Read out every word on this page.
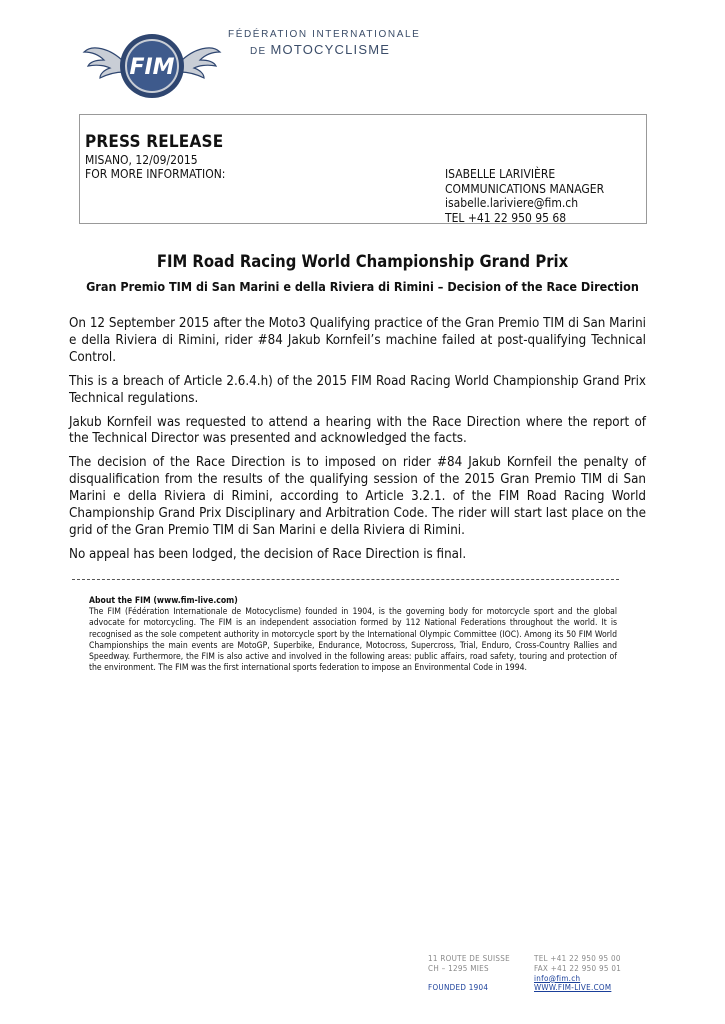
FIM
FÉDÉRATION INTERNATIONALE
DE MOTOCYCLISME
PRESS RELEASE
MISANO, 12/09/2015
FOR MORE INFORMATION:	ISABELLE LARIVIÈRE
COMMUNICATIONS MANAGER
isabelle.lariviere@fim.ch
TEL +41 22 950 95 68
FIM Road Racing World Championship Grand Prix
Gran Premio TIM di San Marini e della Riviera di Rimini – Decision of the Race Direction

On 12 September 2015 after the Moto3 Qualifying practice of the Gran Premio TIM di San Marini e della Riviera di Rimini, rider #84 Jakub Kornfeil’s machine failed at post-qualifying Technical Control.

This is a breach of Article 2.6.4.h) of the 2015 FIM Road Racing World Championship Grand Prix Technical regulations.

Jakub Kornfeil was requested to attend a hearing with the Race Direction where the report of the Technical Director was presented and acknowledged the facts.

The decision of the Race Direction is to imposed on rider #84 Jakub Kornfeil the penalty of disqualification from the results of the qualifying session of the 2015 Gran Premio TIM di San Marini e della Riviera di Rimini, according to Article 3.2.1. of the FIM Road Racing World Championship Grand Prix Disciplinary and Arbitration Code. The rider will start last place on the grid of the Gran Premio TIM di San Marini e della Riviera di Rimini.

No appeal has been lodged, the decision of Race Direction is final.

About the FIM (www.fim-live.com)
The FIM (Fédération Internationale de Motocyclisme) founded in 1904, is the governing body for motorcycle sport and the global advocate for motorcycling. The FIM is an independent association formed by 112 National Federations throughout the world. It is recognised as the sole competent authority in motorcycle sport by the International Olympic Committee (IOC). Among its 50 FIM World Championships the main events are MotoGP, Superbike, Endurance, Motocross, Supercross, Trial, Enduro, Cross-Country Rallies and Speedway. Furthermore, the FIM is also active and involved in the following areas: public affairs, road safety, touring and protection of the environment. The FIM was the first international sports federation to impose an Environmental Code in 1994.
11 ROUTE DE SUISSE
CH – 1295 MIES

FOUNDED 1904
TEL +41 22 950 95 00
FAX +41 22 950 95 01
info@fim.ch
WWW.FIM-LIVE.COM
